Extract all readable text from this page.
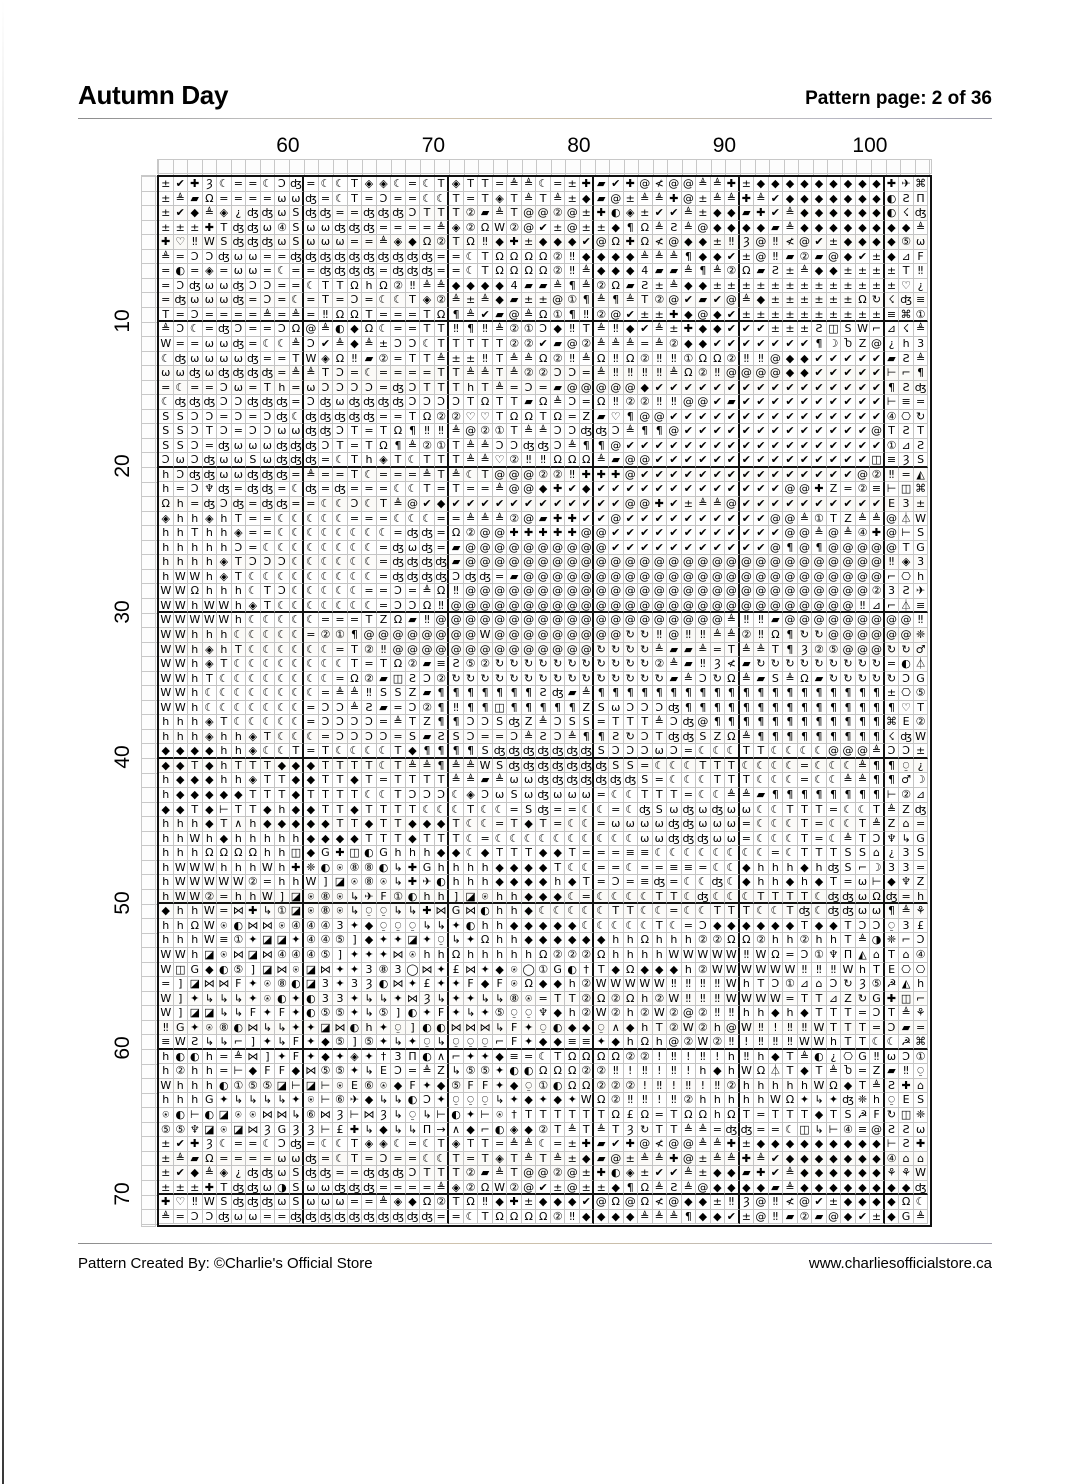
Autumn Day	Pattern page: 2 of 36
60	70	80	90	100
10
20
30
40
50
60
70
± ✔ ✚ Ȝ ☾ = = ☾ Ɔ ʤ = ☾ ☾ T ◈ ◈ ☾ = ☾ T ◈ T T = ≜ ≜ ☾ = ± ✚ ▰ ✔ ✚ @ ≮ @ @ ≜ ≜ ✚ ± ◆ ◆ ◆ ◆ ◆ ◆ ◆ ◆ ◆ ✚ ✈ ⌘
± ≜ ▰ Ω = = = = ω ω ʤ = ☾ T = Ɔ = = ☾ ☾ T = T ◈ T ≜ T ≜ ± ◆ ▰ @ ± ≜ ≜ ✚ @ ± ≜ ≜ ✚ ≜ ✔ ◆ ◆ ◆ ◆ ◆ ◆ ◆ ◐ Ƨ Π
± ✔ ◆ ≜ ◈ ¿ ʤ ʤ ω S ʤ ʤ = = ʤ ʤ ʤ Ɔ T T T ② ▰ ≜ T @ @ ② @ ± ✚ ◐ ◈ ± ✔ ✔ ≜ ± ◆ ◆ ▰ ✚ ✔ ≜ ◆ ◆ ◆ ◆ ◆ ◆ ◐ ☇ ʤ
± ± ± ✚ T ʤ ʤ ω ④ S ω ω ʤ ʤ ʤ = = = = ≜ ◈ ② Ω W ② @ ✔ ± @ ± ± ◆ ¶ Ω ≜ Ƨ ≜ @ ◆ ◆ ◆ ◆ ▰ ≜ ◆ ◆ ◆ ◆ ◆ ◆ ◆ ◆ ≜
✚ ♡ ‼ W S ʤ ʤ ʤ ω S ω ω ω = = ≜ ◈ ◆ Ω ② T Ω ‼ ◆ ✚ ± ◆ ◆ ◆ ✔ @ Ω ✚ Ω ≮ @ ◆ ◆ ± ‼ Ȝ @ ‼ ≮ @ ✔ ± ◆ ◆ ◆ ◆ ⑤ ω
≜ = Ɔ Ɔ ʤ ω ω = = ʤ ʤ ʤ ʤ ʤ ʤ ʤ ʤ ʤ ʤ = = ☾ T Ω Ω Ω Ω ② ‼ ◆ ◆ ◆ ◆ ≜ ≜ ≜ ¶ ◆ ◆ ✔ ± @ ‼ ▰ ② ▰ @ ◆ ✔ ± ◆ ⊿ F
= ◐ = ◈ = ω ω = ☾ = = ʤ ʤ ʤ ʤ = ʤ ʤ ʤ = = ☾ T Ω Ω Ω Ω ② ‼ ≜ ◆ ◆ ◆ 4 ▰ ▰ ≜ ¶ ≜ ② Ω ▰ Ƨ ± ≜ ◆ ◆ ± ± ± ± T ‼
= Ɔ ʤ ω ω ʤ Ɔ Ɔ = = ☾ T T Ω h Ω ② ‼ ≜ ≜ ◆ ◆ ◆ ◆ 4 ▰ ▰ ≜ ¶ ≜ ② Ω ▰ Ƨ ± ≜ ◆ ◆ ± ± ± ± ± ± ± ± ± ± ± ± ± ♡ ¿
= ʤ ω ω ω ʤ = Ɔ = ☾ = T = Ɔ = ☾ ☾ T ◈ ② ≜ ± ≜ ◆ ▰ ± ± @ ① ¶ ≜ ¶ ≜ T ② @ ✔ ▰ ✔ @ ≜ ◆ ± ± ± ± ± ± Ω ↻ ☇ ʤ ≡
T = Ɔ = = = = ≜ = ≜ = ‼ Ω Ω T = = = T Ω ¶ ≜ ✔ ▰ @ ≜ Ω ① ¶ ‼ ② @ ✔ ± ± ✚ ◆ @ ◆ ✔ ± ± ± ± ± ± ± ± ± ± ≡ ⌘ ①
≜ Ɔ ☾ = ʤ Ɔ = = Ɔ Ω @ ≜ ◐ ◆ Ω ☾ = = T T ‼ ¶ ‼ ≜ ② ① Ɔ ◆ ‼ T ≜ ‼ ◆ ✔ ≜ ± ✚ ◆ ◆ ✔ ✔ ✔ ± ± ± Ƨ ◫ S W ⌐ ⊿ ☇ ≜
W = = ω ω ʤ = ☾ ☾ ≜ Ɔ ✔ ≜ ◆ ≜ ± Ɔ Ɔ ☾ T T T T T ② ② ✔ ▰ @ ② ≜ ≜ ≜ = ≜ ② ◆ ◆ ✔ ✔ ✔ ✔ ✔ ✔ ✔ ¶ ☽ Ⴆ Z @ ¿ h 3
☾ ʤ ω ω ω ω ʤ = = T W ◈ Ω ‼ ▰ ② = T T ≜ ± ± ‼ T ≜ ≜ Ω ② ‼ ≜ Ω ‼ Ω ② ‼ ‼ ① Ω Ω ② ‼ ‼ @ ◆ ◆ ✔ ✔ ✔ ✔ ✔ ▰ Ƨ ≜
ω ω ʤ ω ʤ ʤ ʤ ʤ = ≜ ≜ T Ɔ = ☾ = = = = T T ≜ ≜ T ≜ ② ② Ɔ Ɔ = ≜ ‼ ‼ ‼ ‼ ≜ Ω ② ‼ @ @ @ @ ◆ ◆ ✔ ✔ ✔ ✔ ✔ ⊢ ⌐ ¶
= ☾ = = Ɔ ω = T h = ω Ɔ Ɔ Ɔ Ɔ = ʤ Ɔ T T T h T ≜ = Ɔ = ▰ @ @ @ @ @ ◆ ✔ ✔ ✔ ✔ ✔ ✔ ✔ ✔ ✔ ✔ ✔ ✔ ✔ ✔ ✔ ✔ ¶ Ƨ ʤ
☾ ʤ ʤ ʤ Ɔ Ɔ ʤ ʤ ʤ = Ɔ ʤ ω ʤ ʤ ʤ ʤ Ɔ Ɔ Ɔ Ɔ T Ω T T ▰ Ω ≜ Ɔ = Ω ‼ ② ② ‼ ‼ @ @ ✔ ▰ ✔ ✔ ✔ ✔ ✔ ✔ ✔ ✔ ✔ ✔ ⊢ ≡ =
S S Ɔ Ɔ = Ɔ = Ɔ ʤ ☾ ʤ ʤ ʤ ʤ ʤ = = T Ω ② ② ♡ ♡ T Ω Ω T Ω = Z ▰ ♡ ¶ @ @ ✔ ✔ ✔ ✔ ✔ ✔ ✔ ✔ ✔ ✔ ✔ ✔ ✔ ✔ ✔ ④ ⎔ ↻
S S Ɔ T Ɔ = Ɔ Ɔ ω ω ʤ ʤ Ɔ T = T Ω ¶ ‼ ‼ ≜ @ ② ① T ≜ ≜ Ɔ Ɔ ʤ ʤ Ɔ ≜ ¶ ¶ @ ✔ ✔ ✔ ✔ ✔ ✔ ✔ ✔ ✔ ✔ ✔ ✔ ✔ @ T Ƨ T
S S Ɔ = ʤ ω ω ω ʤ ʤ ʤ Ɔ T = T Ω ¶ ≜ ② ① T ≜ ≜ Ɔ Ɔ ʤ ʤ Ɔ ≜ ¶ ¶ @ ✔ ✔ ✔ ✔ ✔ ✔ ✔ ✔ ✔ ✔ ✔ ✔ ✔ ✔ ✔ ✔ ✔ ✔ ① ⊿ Ƨ
Ɔ ω Ɔ ʤ ω ω S ω ʤ ʤ ʤ = ☾ T h ◈ T ☾ T T T ≜ ≜ ♡ ② ‼ ‼ Ω Ω Ω ≜ ▰ @ @ ✔ ✔ ✔ ✔ ✔ ✔ ✔ ✔ ✔ ✔ ✔ ✔ ✔ ✔ ✔ ◫ ≡ Ȝ S
h Ɔ ʤ ʤ ω ω ʤ ʤ ʤ = ≜ = = T ☾ = = = ≜ T ≜ ☾ T @ @ @ ② ② ‼ ✚ ✚ ✚ @ ✔ ✔ ✔ ✔ ✔ ✔ ✔ ✔ ✔ ✔ ✔ ✔ ✔ ✔ ✔ @ ② ‼ = ◭
h = Ɔ ♆ ʤ = ʤ ʤ = ☾ ʤ = ʤ = = = ☾ ☾ T = T = = ≜ @ @ ◆ ✚ ✔ ◆ ✔ ✔ ✔ ✔ ✔ ✔ ✔ ✔ ✔ ✔ ✔ ✔ ✔ @ @ ✚ Z = ② ≡ ⊢ ◫ ⌘
Ω h = ʤ Ɔ ʤ = ʤ ʤ = = ☾ ☾ Ɔ ☾ T ≜ @ ✔ ◆ ✔ ✔ ✔ ✔ ✔ ✔ ✔ ✔ ✔ ✔ ✔ ✔ @ @ ✚ ✔ ± ≜ ≜ @ ✔ ✔ ✔ ✔ ✔ ✔ ✔ ✔ ✔ ✔ E 3 ±
◈ h h ◈ h T = = ☾ ☾ ☾ ☾ ☾ = = = ☾ ☾ ☾ = = ≜ ≜ ≜ ② @ ▰ ✚ ✚ ✔ ✔ @ ✔ ✔ ✔ ✔ ✔ ✔ ✔ ✔ ✔ ✔ @ @ ≜ ① T Z ≜ ≜ @ ⏃ W
h h T h h ◈ = = ☾ ☾ ☾ ☾ ☾ ☾ ☾ ☾ = ʤ ʤ = Ω ② @ @ ✚ ✚ ✚ ✚ ✚ @ @ ✔ ✔ ✔ ✔ ✔ ✔ ✔ ✔ ✔ ✔ ✔ ✔ @ @ ≜ @ ≜ ④ ✚ @ ⊢ S
h h h h h Ɔ = ☾ ☾ ☾ ☾ ☾ ☾ ☾ ☾ = ʤ ω ʤ = ▰ @ @ @ @ @ @ @ @ @ @ ✔ ✔ ✔ ✔ ✔ ✔ ✔ ✔ ✔ ✔ ✔ @ ¶ @ ¶ @ @ @ @ @ T G
h h h h ◈ T Ɔ Ɔ Ɔ ☾ ☾ ☾ ☾ ☾ ☾ = ʤ ʤ ʤ ʤ ▰ @ @ @ @ @ @ @ @ @ @ @ @ @ @ @ @ @ @ @ @ @ @ @ @ @ @ @ @ @ ‼ ◈ 3
h W W h ◈ T ☾ ☾ ☾ ☾ ☾ ☾ ☾ ☾ ☾ = ʤ ʤ ʤ ʤ Ɔ ʤ ʤ = ▰ @ @ @ @ @ @ @ @ @ @ @ @ @ @ @ @ @ @ @ @ @ @ @ @ @ ⌐ ⎔ h
W W Ω h h h ☾ T Ɔ ☾ ☾ ☾ ☾ ☾ = = Ɔ = ≜ Ω ‼ @ @ @ @ @ @ @ @ @ @ @ @ @ @ @ @ @ @ @ @ @ @ @ @ @ @ @ @ ② 3 Ƨ ✈
W W h W W h ◈ T ☾ ☾ ☾ ☾ ☾ ☾ ☾ = Ɔ Ɔ Ω ‼ @ @ @ @ @ @ @ @ @ @ @ @ @ @ @ @ @ @ @ @ @ @ @ @ @ @ @ @ ‼ ⊿ ⌐ ⏃ ≡
W W W W W h ☾ ☾ ☾ ☾ ☾ = = = T Z Ω ▰ ‼ @ @ @ @ @ @ @ @ @ @ @ @ @ @ @ @ @ @ @ @ ≜ ‼ ‼ ▰ @ @ @ @ @ @ @ @ @ ‼
W W h h h ☾ ☾ ☾ ☾ ☾ = ② ① ¶ @ @ @ @ @ @ @ @ W @ @ @ @ @ @ @ @ @ ↻ ↻ ‼ @ ‼ ‼ ≜ ≜ ② ‼ Ω ¶ ↻ ↻ @ @ @ @ @ @ ❈
W W h ◈ h T ☾ ☾ ☾ ☾ ☾ ☾ = T ② ‼ @ @ @ @ @ @ @ @ @ @ @ @ @ @ ↻ ↻ ↻ ↻ ≜ ▰ ▰ ≜ = T ≜ ≜ T ¶ Ȝ ② ⑤ @ @ @ ↻ ↻ ♂
W W h ◈ T ☾ ☾ ☾ ☾ ☾ ☾ ☾ ☾ T = T Ω ② ▰ ≡ Ƨ ⑤ ② ↻ ↻ ↻ ↻ ↻ ↻ ↻ ↻ ↻ ↻ ↻ ② ≜ ▰ ‼ Ȝ ≮ ▰ ↻ ↻ ↻ ↻ ↻ ↻ ↻ ↻ ↻ = ◐ ⏃
W W h T ☾ ☾ ☾ ☾ ☾ ☾ ☾ ☾ = Ω ② ▰ ◫ Ƨ Ɔ ② ↻ ↻ ↻ ↻ ↻ ↻ ↻ ↻ ↻ ↻ ↻ ↻ ↻ ↻ ↻ ▰ ≜ Ɔ ↻ Ω ≜ ▰ S ≜ Ω ▰ ↻ ↻ ↻ ↻ ↻ Ɔ G
W W h ☾ ☾ ☾ ☾ ☾ ☾ ☾ ☾ = ≜ ≜ ‼ S S Z ▰ ¶ ¶ ¶ ¶ ¶ ¶ ¶ Ƨ ʤ ▰ ≜ ¶ ¶ ¶ ¶ ¶ ¶ ¶ ¶ ¶ ¶ ¶ ¶ ¶ ¶ ¶ ¶ ¶ ¶ ¶ ¶ ± ⎔ ⑤
W W h ☾ ☾ ☾ ☾ ☾ ☾ ☾ = Ɔ Ɔ ≜ Ƨ ▰ = Ɔ ② ¶ ‼ ¶ ¶ ◫ ¶ ¶ ¶ ¶ ¶ Z S ω Ɔ Ɔ Ɔ ʤ ¶ ¶ ¶ ¶ ¶ ¶ ¶ ¶ ¶ ¶ ¶ ¶ ¶ ¶ ¶ ♡ T
h h h ◈ T ☾ ☾ ☾ ☾ ☾ = Ɔ Ɔ Ɔ Ɔ = ≜ T Z ¶ ¶ Ɔ Ɔ S ʤ Z ≜ Ɔ S S = T T T ≜ Ɔ ʤ @ ¶ ¶ ¶ ¶ ¶ ¶ ¶ ¶ ¶ ¶ ¶ ¶ ⌘ E ②
h h h ◈ h h ◈ T ☾ ☾ ☾ = Ɔ Ɔ Ɔ Ɔ = S ▰ Ƨ S Ɔ = = Ɔ ≜ Ƨ Ɔ ≜ ¶ ¶ Ƨ ↻ Ɔ T ʤ ʤ S Z Ω ≜ ¶ ¶ ¶ ¶ ¶ ¶ ¶ ¶ ¶ ☇ ʤ W
◆ ◆ ◆ ◆ h h ◈ ☾ ☾ T = T ☾ ☾ ☾ ☾ T ◆ ¶ ¶ ¶ ¶ S ʤ ʤ ʤ ʤ ʤ ʤ ʤ S Ɔ Ɔ Ɔ ω Ɔ = ☾ ☾ ☾ T T ☾ ☾ ☾ ☾ @ @ @ ≜ Ɔ Ɔ ±
◆ ◆ T ◆ h T T T ◆ ◆ ◆ T T T T ☾ T ≜ ≜ ¶ ≜ ≜ W S ʤ ʤ ʤ ʤ ʤ ʤ ʤ S S = ☾ ☾ ☾ T T T ☾ ☾ ☾ ☾ = ☾ ☾ ☾ ≜ ¶ ¶ ⍜ ¿
h ◆ ◆ ◆ h h ◈ T T ◆ ◆ T T ◆ T = T T T T ≜ ≜ ▰ ≜ ω ω ʤ ʤ ʤ ʤ ʤ ʤ ʤ S = ☾ ☾ ☾ T T T ☾ ☾ ☾ = ☾ ☾ ≜ ≜ ¶ ¶ ♂ ☽
h ◆ ◆ ◆ ◆ ◆ T T T ◆ T T T T ☾ ☾ T Ɔ Ɔ Ɔ ☾ ◈ Ɔ ω S ω ʤ ω ω ω = ☾ ☾ T T T = ☾ ☾ ≜ ≜ ▰ ¶ ¶ ¶ ¶ ¶ ¶ ¶ ¶ ⊢ ② ⊿
◆ ◆ T ◆ ⊢ T T ◆ h ◆ ◆ T T ◆ T T T T ☾ ☾ ☾ T ☾ ☾ = S ʤ = = ☾ ☾ = ☾ ʤ S ω ʤ ω ʤ ω ω ☾ ☾ T T T = ☾ ☾ T ≜ Z ʤ
h h h ◆ T ∧ h ◆ ◆ ◆ ◆ ◆ T T ◆ T T ◆ ◆ ◆ T ☾ ☾ = T ◆ T = ☾ ☾ = ω ω ω ω ʤ ʤ ω ω ω = ☾ ☾ ☾ T = ☾ ☾ T ≜ Z ⌂ =
h h W h ◆ h h h h h ◆ ◆ ◆ ◆ T T T ◆ T T T ☾ = ☾ ☾ ☾ ☾ ☾ ☾ ☾ ☾ ☾ ☾ ω ω ʤ ʤ ʤ ω ω = ☾ ☾ ☾ T = ☾ ≜ T Ɔ ♆ ↳ G
h h h Ω Ω Ω Ω h h ◫ ◆ G ✚ ◫ ◐ G h h h ◆ ◆ ☾ ◆ T T T ◆ ◆ T = = = ≡ ≡ ☾ ☾ ☾ ☾ ☾ ☾ ☾ ☾ = ☾ T T T S S ⌂ ¿ 3 S
h W W W h h h W h ✚ ❈ ◐ ⍟ ⑧ ⑧ ◐ ↳ ✚ G h h h h ◆ ◆ ◆ ◆ T ☾ ☾ = = ☾ = = ≡ ≡ = ☾ ☾ ◆ h h h ◆ h ʤ S ⌐ ☽ 3 3 =
h W W W W W ② = h h W ] ◪ ⍟ ⑧ ⍟ ↳ ✚ ✈ ◐ h h h ◆ ◆ ◆ ◆ h ◆ T = Ɔ = ≡ ʤ = ☾ ☾ ʤ ☾ ◆ h h ◆ h ◆ T = ω ⊢ ◆ ♆ Z
h W W ② = h h W ] ◪ ⍟ ⑧ ⍟ ↳ ✈ F ① ◐ h h ] ◪ ⍟ h h ◆ ◆ ◆ ☾ = ☾ ☾ ☾ ☾ T T ☾ ʤ ☾ ☾ ☾ T T T T ☾ ʤ ʤ ω Ω ʤ = h
◆ h h W = ⋈ ✚ ↳ ① ◪ ⍟ ⑧ ⍟ ↳ ⍜ ⍜ ↳ ↳ ✚ ⋈ G ⋈ ◐ h h ◆ ☾ ☾ ☾ ☾ ☾ T T ☾ ☾ = ☾ ☾ T T T ☾ ☾ T ʤ ☾ ʤ ʤ ω ω ¶ ≜ ⚘
h h Ω W ⍟ ◐ ⋈ ⋈ ⍟ ④ ④ ④ 3 ✦ ◆ ⍜ ⍜ ⍜ ↳ ↳ ✦ ◐ h h ◆ ◆ ◆ ◆ ◆ ☾ ☾ ☾ ☾ ☾ T ☾ = Ɔ ◆ ◆ ◆ ◆ ◆ ◆ T ◆ ◆ T Ɔ Ɔ ⍜ 3 £
h h h W ≡ ① ✦ ◪ ◪ ✦ ④ ④ ⑤ ] ◆ ✦ ✦ ◪ ✦ ⍜ ↳ ✦ Ω h h ◆ ◆ ◆ ◆ ◆ ◆ h h Ω h h h ② ② Ω Ω ② h h ② h h T ≜ ◑ ❈ ⌐ Ɔ
W W h ◪ ⍟ ⋈ ◪ ⋈ ④ ④ ④ ⑤ ] ✦ ✦ ✦ ⋈ ⍟ h h Ω h h h h h Ω ② ② ② Ω h h h h W W W W W ‼ W Ω = Ɔ ① ♆ Π ◭ ⌂ T ⌂ ④
W ◫ G ◆ ◐ ⑤ ] ◪ ⋈ ⍟ ◪ ⋈ ✦ ✦ 3 ⑧ 3 ◯ ⋈ ✦ £ ⋈ ✦ ◆ ⍟ ◯ ① G ◐ † T ◆ Ω ◆ ◆ ◆ h ② W W W W W W ‼ ‼ ‼ W h T E ⎔ ⎔
= ] ◪ ⋈ ⋈ F ✦ ⍟ ⑧ ◐ ◪ 3 ✦ 3 Ȝ ◐ ⋈ ✦ £ ✦ ✦ F ◆ F ⍟ Ω ◆ ◆ h ② W W W W W ‼ ‼ ‼ ‼ W h T Ɔ ① ⊿ ⌂ Ɔ ↻ Ȝ ⑤ ☭ ◭ h
W ] ✦ ↳ ↳ ↳ ✦ ⍟ ◐ ✦ ◐ 3 3 ✦ ↳ ↳ ✦ ⋈ Ȝ ↳ ✦ ✦ ↳ ↳ ⑧ ⍟ = T T ② Ω ② Ω h ② W ‼ ‼ ‼ W W W W = T T ⊿ Z ↻ G ✚ ◫ ⌐
W ] ◪ ◪ ↳ ↳ F ✦ F ✦ ◐ ⑤ ⑤ ✦ ↳ ⑤ ] ◐ ✦ F ✦ ↳ ✦ ⑤ ⍜ ⍜ ♆ ◆ h ② W ② h ② W ② @ ② ‼ ‼ h h ◆ h ◆ T T T = Ɔ T ≜ ⚘
‼ G ✦ ⍟ ⑧ ◐ ⋈ ↳ ↳ ✦ ✦ ◪ ⋈ ◐ h ✦ ⍜ ] ◐ ◐ ⋈ ⋈ ⋈ ↳ F ✦ ⍜ ◐ ◆ ◆ ⍜ ∧ ◆ h T ② W ② h @ W ‼ ! ‼ ‼ W T T T = Ɔ ▰ =
≡ W Ƨ ↳ ↳ ⌐ ] ✦ ↳ F ✦ ◆ ⑤ ] ⑤ ✦ ↳ ✦ ⍜ ↳ ⍜ ⍜ ⍜ ⌐ F ✦ ◆ ◆ ≡ ≡ ✦ ◆ h Ω h @ ② W ② ‼ ! ‼ ‼ ‼ W W h T T ☾ ☾ ☭ ⌘
h ◐ ◐ h = ≜ ⋈ ] ✦ F ✦ ◆ ✦ ◈ ✦ † 3 Π ◐ ∧ ⌐ ✦ ✦ ◆ ≡ = ☾ T Ω Ω Ω Ω ② ② ! ‼ ! ‼ ! h ‼ h ◆ T ≜ ◐ ¿ ⎔ G ‼ ω Ɔ ①
h ② h h = ⊢ ◆ F F ◆ ⋈ ⑤ ⑤ ✦ ↳ E Ɔ = ≜ Z ↳ ⑤ ⑤ ✦ ◐ ◐ Ω Ω Ω ② ② ‼ ! ‼ ! ‼ ! h ◆ h W Ω ⏃ T ◆ T ≜ Ⴆ = Z ▰ ‼ ⍜
W h h h ◐ ① ⑤ ⑤ ◪ ⊢ ◪ ⊢ ⍟ E ⑥ ⍟ ◆ F ✦ ◆ ⑤ F F ✦ ◆ ⍜ ① ◐ Ω Ω ② ② ② ! ‼ ! ‼ ! ‼ ② h h h h h W Ω ◆ T ≜ Ƨ ✚ ⌂
h h h G ✦ ↳ ↳ ↳ ↳ ✦ ⍟ ⊢ ⑥ ✈ ◆ ↳ ↳ ◐ Ɔ ✦ ⍜ ⍜ ⍜ ↳ ✦ ◆ ✦ ◆ ✦ W Ω ② ‼ ‼ ! ‼ ② h h h h h W Ω ✦ ↳ ✦ ʤ ❈ h ⍜ E S
⍟ ◐ ⊢ ◐ ◪ ⍟ ⍟ ⋈ ⋈ ↳ ⑥ ⋈ Ȝ ⊢ ⋈ Ȝ ↳ ⍜ ↳ ⊢ ◐ ✦ ⊢ ⍟ † T T T T T T Ω £ Ω = T Ω Ω h Ω T = T T T ◆ T S ☭ F ↻ ◫ ❈
⑤ ⑤ ♆ ◪ ⍟ ◪ ⋈ Ȝ G Ȝ Ȝ ⊢ £ ✚ ↳ ◆ ↳ ↳ Π → ∧ ◆ ⌐ ◐ ◈ ◆ ② T ≜ T ≜ T Ȝ ↻ T T ≜ ≜ = ʤ ʤ = = ☾ ◫ ↳ ⊢ ④ ≡ @ Ƨ Ƨ ω
± ✔ ✚ Ȝ ☾ = = ☾ Ɔ ʤ = ☾ ☾ T ◈ ◈ ☾ = ☾ T ◈ T T = ≜ ≜ ☾ = ± ✚ ▰ ✔ ✚ @ ≮ @ @ ≜ ≜ ✚ ± ◆ ◆ ◆ ◆ ◆ ◆ ◆ ◆ ◆ ⊢ Ƨ ✚
± ≜ ▰ Ω = = = = ω ω ʤ = ☾ T = Ɔ = = ☾ ☾ T = T ◈ T ≜ T ≜ ± ◆ ▰ @ ± ≜ ≜ ✚ @ ± ≜ ≜ ✚ ≜ ✔ ◆ ◆ ◆ ◆ ◆ ◆ ◆ ④ ⌂ ⌂
± ✔ ◆ ≜ ◈ ¿ ʤ ʤ ω S ʤ ʤ = = ʤ ʤ ʤ Ɔ T T T ② ▰ ≜ T @ @ ② @ ± ✚ ◐ ◈ ± ✔ ✔ ≜ ± ◆ ◆ ▰ ✚ ✔ ≜ ◆ ◆ ◆ ◆ ◆ ◆ ⚘ ⚘ W
± ± ± ✚ T ʤ ʤ ω ◑ S ω ω ʤ ʤ ʤ = = = = ≜ ◈ ② Ω W ② @ ✔ ± @ ± ± ◆ ¶ Ω ≜ Ƨ ≜ @ ◆ ◆ ◆ ◆ ▰ ≜ ◆ ◆ ◆ ◆ ◆ ◆ ◆ ◆ ʤ
✚ ♡ ‼ W S ʤ ʤ ʤ ω S ω ω ω = = ≜ ◈ ◆ Ω ② T Ω ‼ ◆ ✚ ± ◆ ◆ ◆ ✔ @ Ω @ Ω ≮ @ ◆ ◆ ± ‼ Ȝ @ ‼ ≮ @ ✔ ± ◆ ◆ ◆ ◆ Ω ☾
≜ = Ɔ Ɔ ʤ ω ω = = ʤ ʤ ʤ ʤ ʤ ʤ ʤ ʤ ʤ ʤ = = ☾ T Ω Ω Ω Ω ② ‼ ◆ ◆ ◆ ◆ ≜ ≜ ≜ ¶ ◆ ◆ ✔ ± @ ‼ ▰ ② ▰ @ ◆ ✔ ± ◆ G ≜
Pattern Created By: ©Charlie's Official Store	www.charliesofficialstore.ca
